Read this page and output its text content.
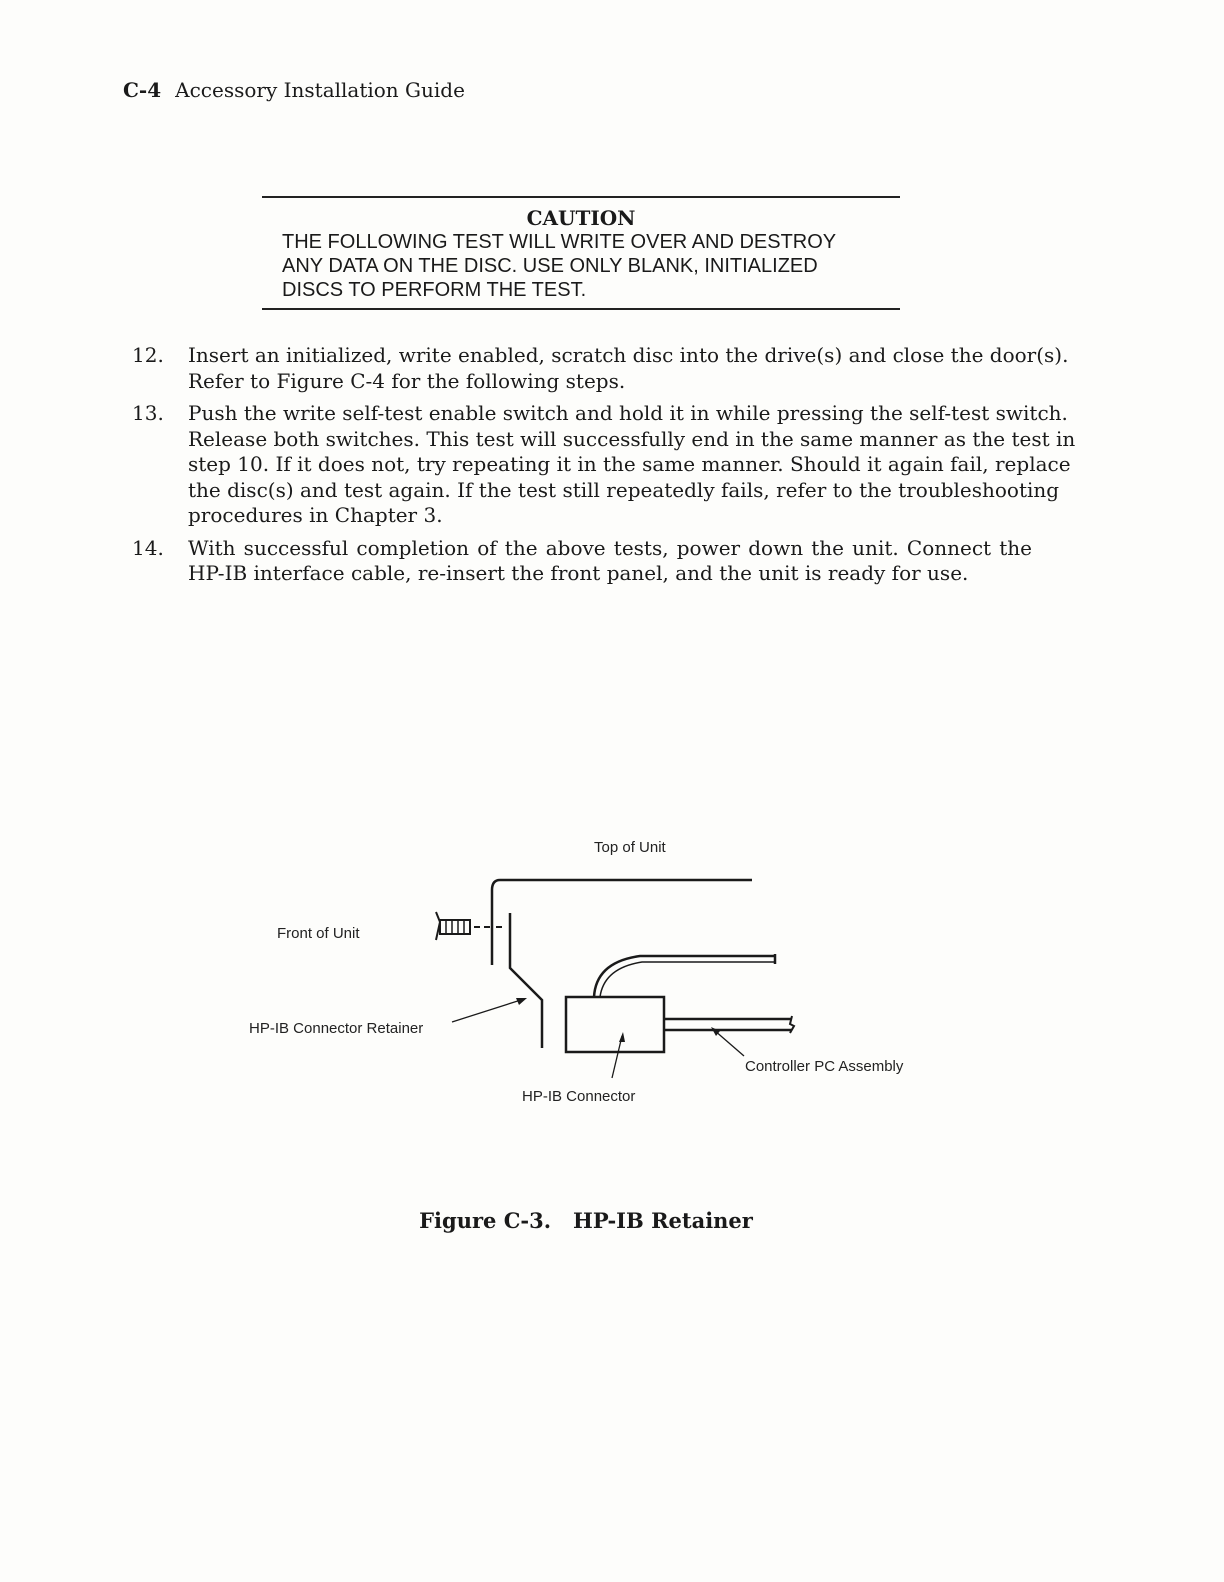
C-4 Accessory Installation Guide
CAUTION
THE FOLLOWING TEST WILL WRITE OVER AND DESTROY
ANY DATA ON THE DISC. USE ONLY BLANK, INITIALIZED
DISCS TO PERFORM THE TEST.
12. Insert an initialized, write enabled, scratch disc into the drive(s) and close the door(s).
Refer to Figure C-4 for the following steps.
13. Push the write self-test enable switch and hold it in while pressing the self-test switch.
Release both switches. This test will successfully end in the same manner as the test in
step 10. If it does not, try repeating it in the same manner. Should it again fail, replace
the disc(s) and test again. If the test still repeatedly fails, refer to the troubleshooting
procedures in Chapter 3.
14. With successful completion of the above tests, power down the unit. Connect the
HP-IB interface cable, re-insert the front panel, and the unit is ready for use.
Top of Unit
Front of Unit
HP-IB Connector Retainer
Controller PC Assembly
HP-IB Connector
Figure C-3.   HP-IB Retainer
